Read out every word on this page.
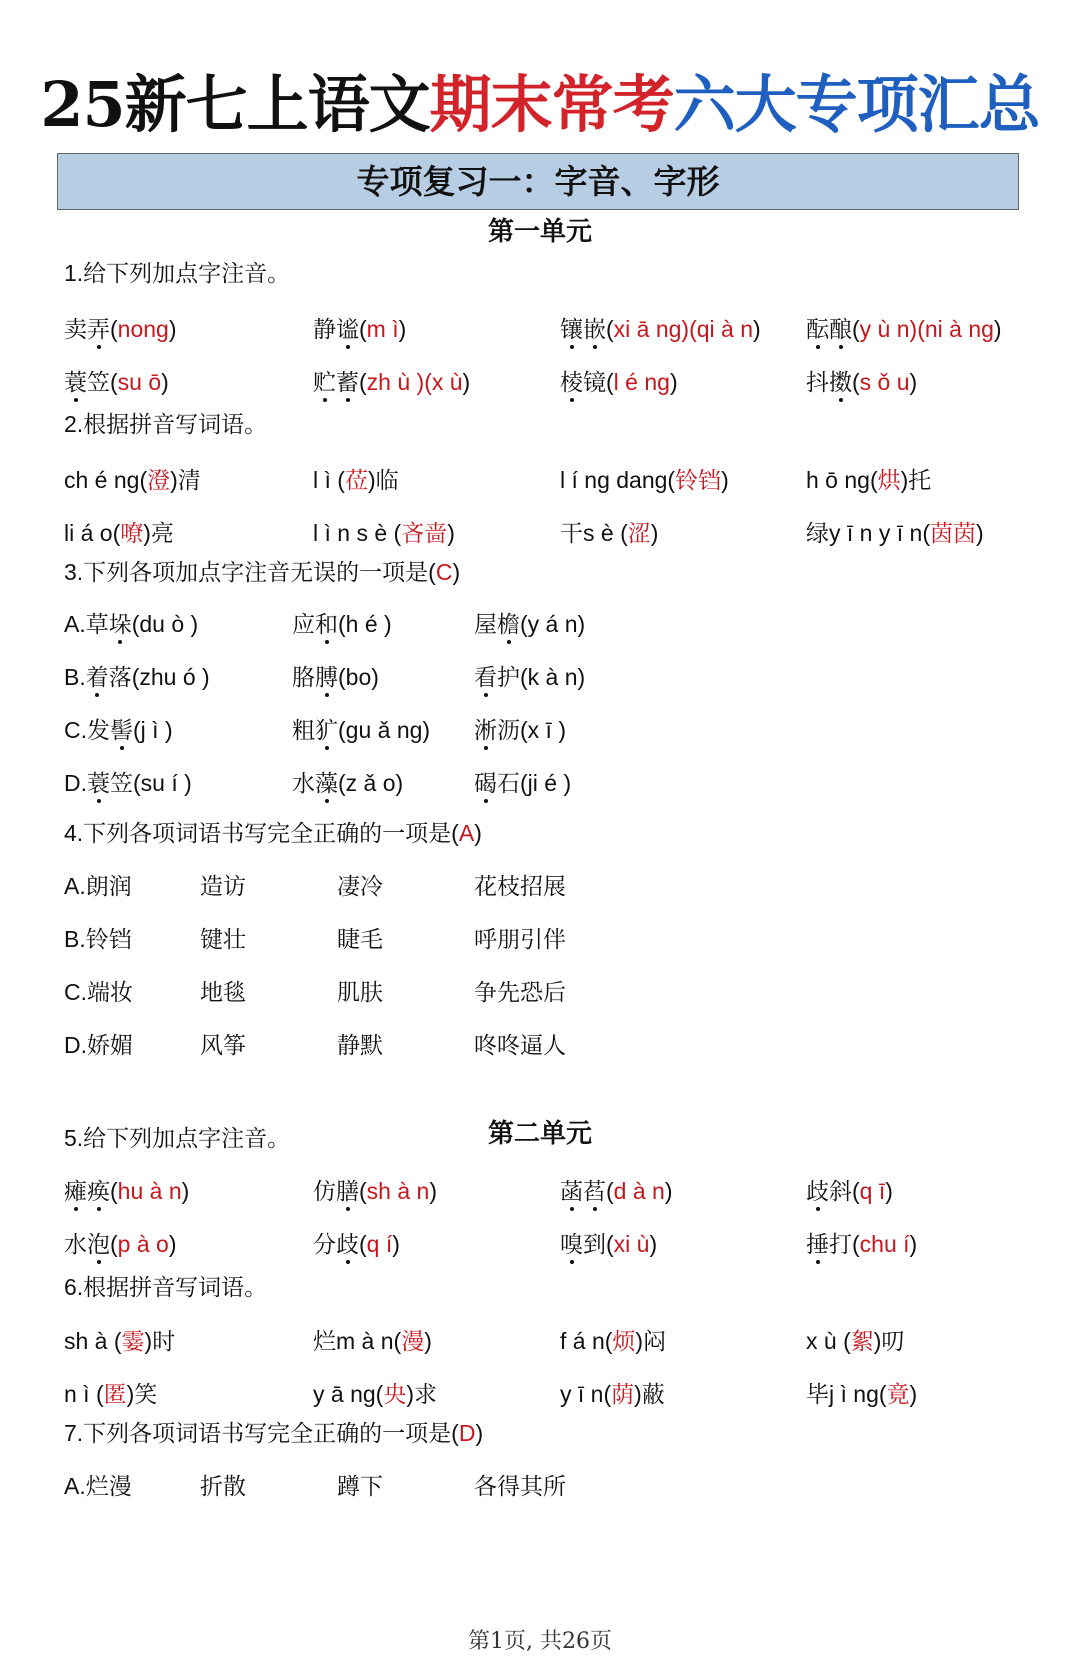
25新七上语文期末常考六大专项汇总
专项复习一：字音、字形
第一单元
1.给下列加点字注音。
卖弄(nong)	静谧(m ì)	镶嵌(xi ā ng)(qi à n) 酝酿(y ù n)(ni à ng)
蓑笠(su ō)	贮蓄(zh ù )(x ù)	棱镜(l é ng)	抖擞(s ǒ u)
2.根据拼音写词语。
ch é ng(澄)清	l ì (莅)临	l í ng dang(铃铛)	h ō ng(烘)托
li á o(嘹)亮	l ì n s è (吝啬)	干s è (涩)	绿y ī n y ī n(茵茵)
3.下列各项加点字注音无误的一项是(C)
A.草垛(du ò )	应和(h é )	屋檐(y á n)
B.着落(zhu ó )	胳膊(bo)	看护(k à n)
C.发髻(j ì )	粗犷(gu ǎ ng) 淅沥(x ī )
D.蓑笠(su í )	水藻(z ǎ o)	碣石(ji é )
4.下列各项词语书写完全正确的一项是(A)
A.朗润	造访	凄冷	花枝招展
B.铃铛	键壮	睫毛	呼朋引伴
C.端妆	地毯	肌肤	争先恐后
D.娇媚	风筝	静默	咚咚逼人
5.给下列加点字注音。
瘫痪(hu à n)	仿膳(sh à n)	菡萏(d à n)	歧斜(q ī)
水泡(p à o)	分歧(q í)	嗅到(xi ù)	捶打(chu í)
6.根据拼音写词语。
sh à (霎)时	烂m à n(漫)	f á n(烦)闷	x ù (絮)叨
n ì (匿)笑	y ā ng(央)求	y ī n(荫)蔽	毕j ì ng(竟)
7.下列各项词语书写完全正确的一项是(D)
A.烂漫	折散	蹲下	各得其所
第二单元
第1页, 共26页
